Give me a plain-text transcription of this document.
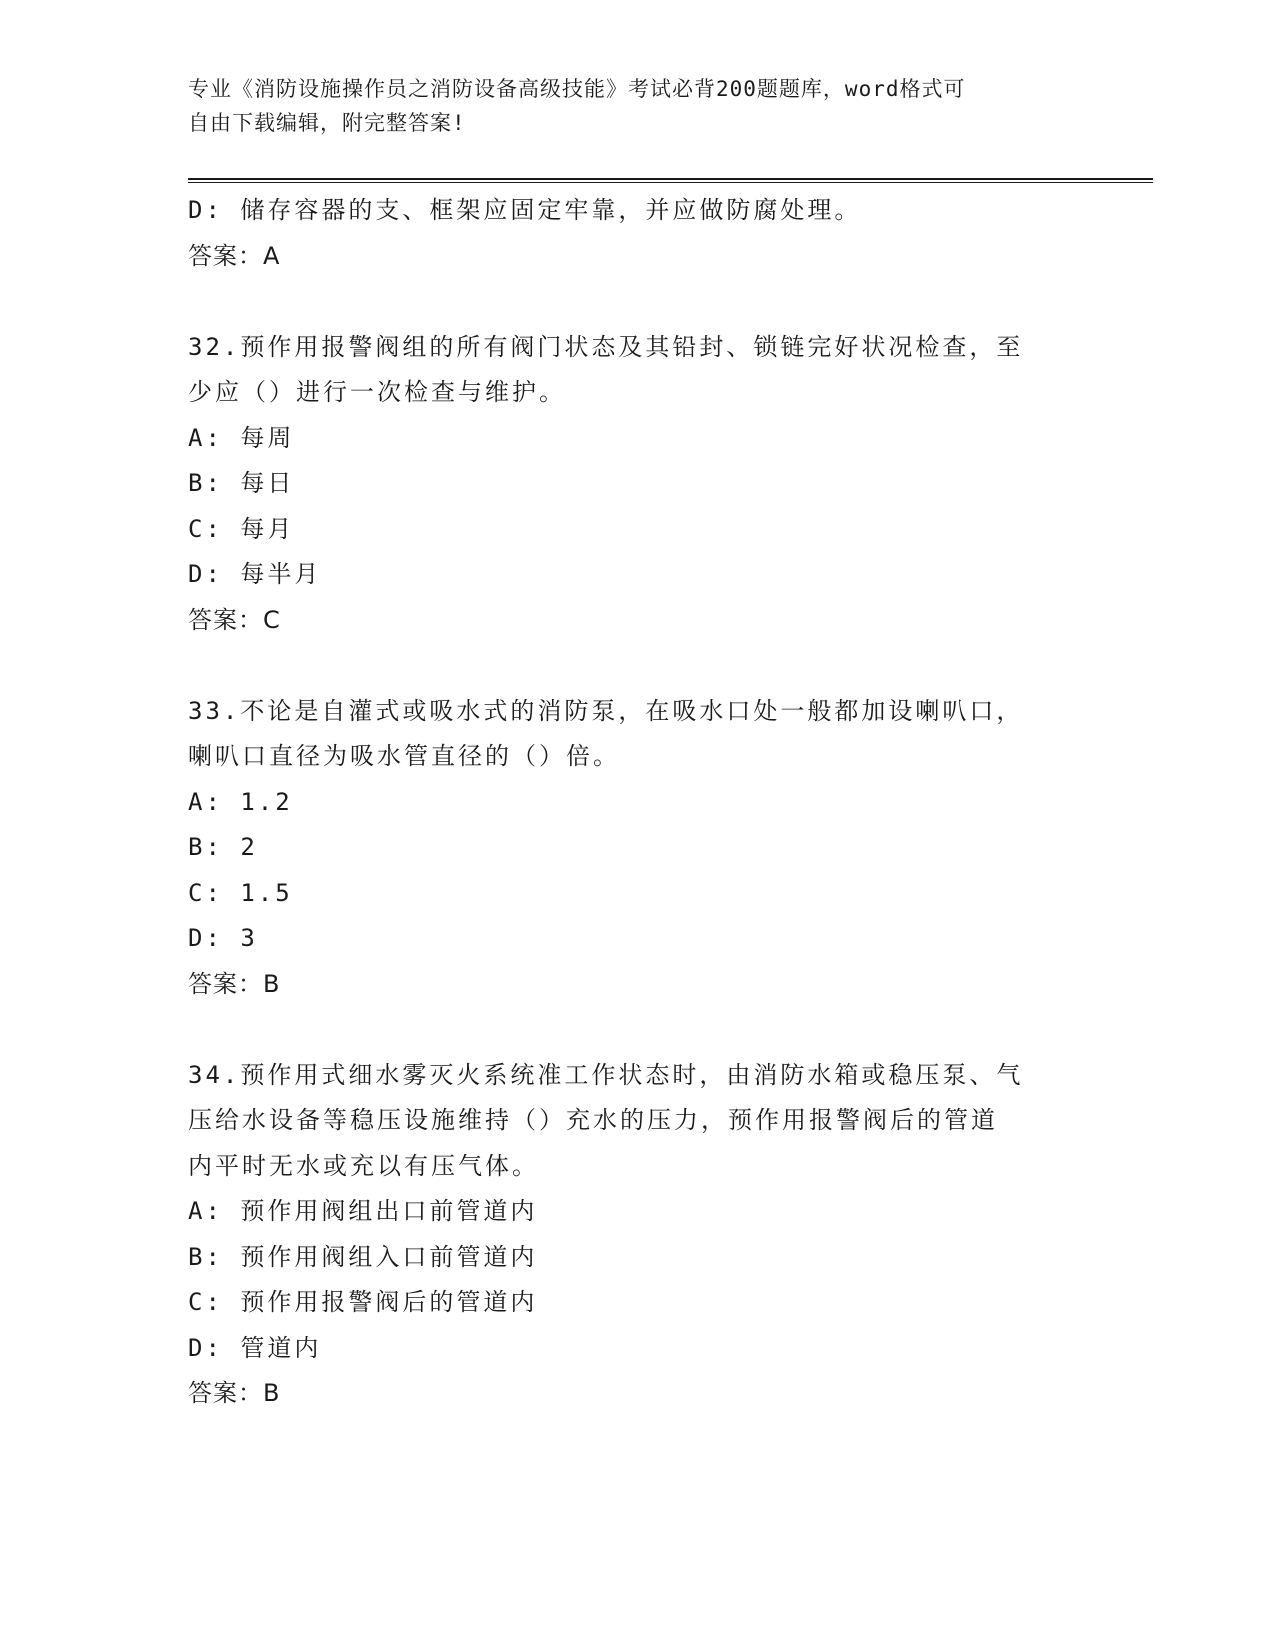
专业《消防设施操作员之消防设备高级技能》考试必背200题题库，word格式可
自由下载编辑，附完整答案!
D: 储存容器的支、框架应固定牢靠，并应做防腐处理。
答案：A
32.预作用报警阀组的所有阀门状态及其铅封、锁链完好状况检查，至
少应（）进行一次检查与维护。
A: 每周
B: 每日
C: 每月
D: 每半月
答案：C
33.不论是自灌式或吸水式的消防泵，在吸水口处一般都加设喇叭口，
喇叭口直径为吸水管直径的（）倍。
A: 1.2
B: 2
C: 1.5
D: 3
答案：B
34.预作用式细水雾灭火系统准工作状态时，由消防水箱或稳压泵、气
压给水设备等稳压设施维持（）充水的压力，预作用报警阀后的管道
内平时无水或充以有压气体。
A: 预作用阀组出口前管道内
B: 预作用阀组入口前管道内
C: 预作用报警阀后的管道内
D: 管道内
答案：B
